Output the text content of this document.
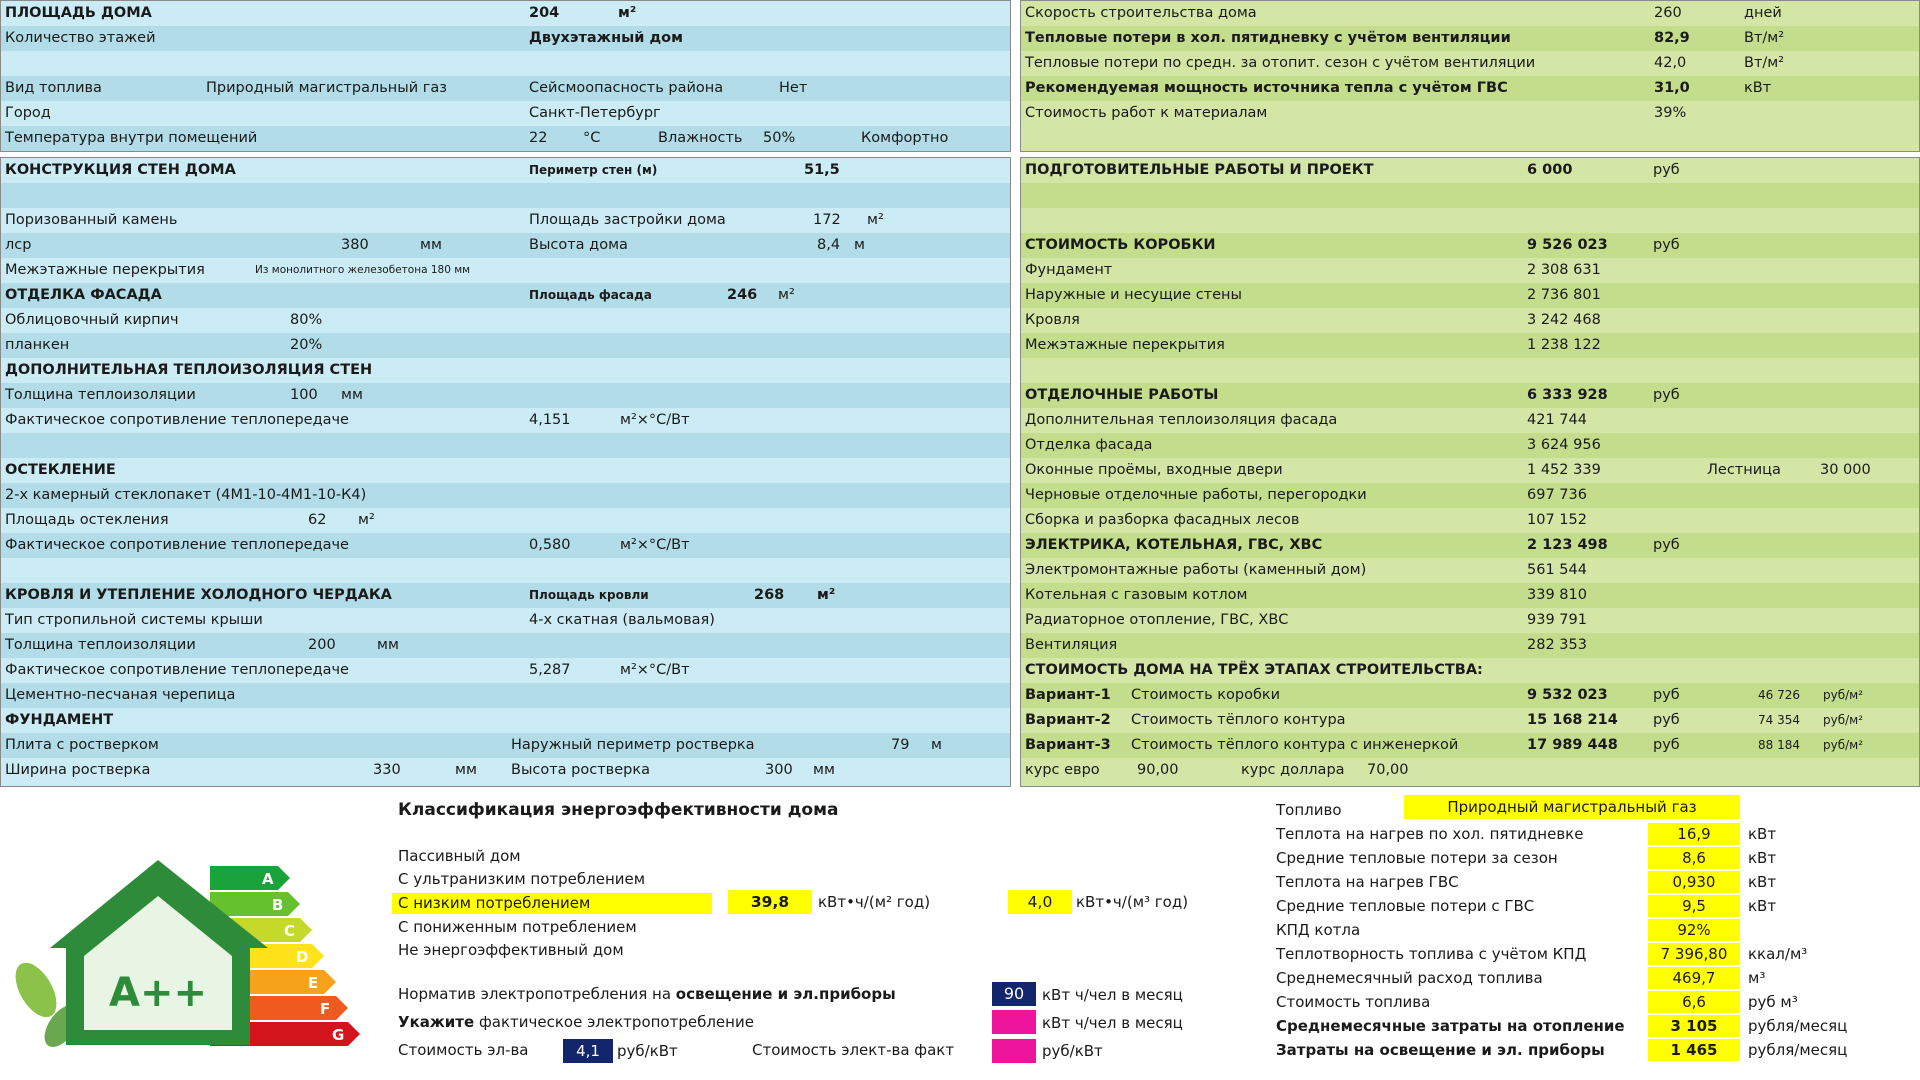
ПЛОЩАДЬ ДОМА	204	м²
Количество этажей	Двухэтажный дом
Вид топлива	Природный магистральный газ	Сейсмоопасность района	Нет
Город	Санкт-Петербург
Температура внутри помещений	22 °С	Влажность 50%	Комфортно
Скорость строительства дома	260	дней
Тепловые потери в хол. пятидневку с учётом вентиляции	82,9	Вт/м²
Тепловые потери по средн. за отопит. сезон с учётом вентиляции	42,0	Вт/м²
Рекомендуемая мощность источника тепла с учётом ГВС	31,0	кВт
Стоимость работ к материалам	39%
КОНСТРУКЦИЯ СТЕН ДОМА	Периметр стен (м)	51,5
Поризованный камень	Площадь застройки дома	172 м²
лср	380	мм	Высота дома	8,4 м
Межэтажные перекрытия	Из монолитного железобетона 180 мм
ОТДЕЛКА ФАСАДА	Площадь фасада	246 м²
Облицовочный кирпич	80%
планкен	20%
ДОПОЛНИТЕЛЬНАЯ ТЕПЛОИЗОЛЯЦИЯ СТЕН
Толщина теплоизоляции	100 мм
Фактическое сопротивление теплопередаче	4,151	м²×°С/Вт
ОСТЕКЛЕНИЕ
2-х камерный стеклопакет (4М1-10-4М1-10-К4)
Площадь остекления	62 м²
Фактическое сопротивление теплопередаче	0,580	м²×°С/Вт
КРОВЛЯ И УТЕПЛЕНИЕ ХОЛОДНОГО ЧЕРДАКА	Площадь кровли	268 м²
Тип стропильной системы крыши	4-х скатная (вальмовая)
Толщина теплоизоляции	200	мм
Фактическое сопротивление теплопередаче	5,287	м²×°С/Вт
Цементно-песчаная черепица
ФУНДАМЕНТ
Плита с ростверком	Наружный периметр ростверка	79 м
Ширина ростверка	330	мм Высота ростверка	300 мм
ПОДГОТОВИТЕЛЬНЫЕ РАБОТЫ И ПРОЕКТ	6 000	руб
СТОИМОСТЬ КОРОБКИ	9 526 023	руб
Фундамент	2 308 631
Наружные и несущие стены	2 736 801
Кровля	3 242 468
Межэтажные перекрытия	1 238 122
ОТДЕЛОЧНЫЕ РАБОТЫ	6 333 928	руб
Дополнительная теплоизоляция фасада	421 744
Отделка фасада	3 624 956
Оконные проёмы, входные двери	1 452 339	Лестница	30 000
Черновые отделочные работы, перегородки	697 736
Сборка и разборка фасадных лесов	107 152
ЭЛЕКТРИКА, КОТЕЛЬНАЯ, ГВС, ХВС	2 123 498	руб
Электромонтажные работы (каменный дом)	561 544
Котельная с газовым котлом	339 810
Радиаторное отопление, ГВС, ХВС	939 791
Вентиляция	282 353
СТОИМОСТЬ ДОМА НА ТРЁХ ЭТАПАХ СТРОИТЕЛЬСТВА:
Вариант-1 Стоимость коробки	9 532 023	руб	46 726 руб/м²
Вариант-2 Стоимость тёплого контура	15 168 214 руб	74 354 руб/м²
Вариант-3 Стоимость тёплого контура с инженеркой	17 989 448 руб	88 184 руб/м²
курс евро	90,00	курс доллара 70,00
A
B
C
D
E
F
G
A++
Классификация энергоэффективности дома
Пассивный дом
С ультранизким потреблением
С низким потреблением
С пониженным потреблением
Не энергоэффективный дом
39,8	кВт•ч/(м² год)	4,0	кВт•ч/(м³ год)
Норматив электропотребления на освещение и эл.приборы	90	кВт ч/чел в месяц
Укажите фактическое электропотребление	кВт ч/чел в месяц
Стоимость эл-ва	4,1	руб/кВт	Стоимость элект-ва факт	руб/кВт
Топливо	Природный магистральный газ
Теплота на нагрев по хол. пятидневке	16,9	кВт
Средние тепловые потери за сезон	8,6	кВт
Теплота на нагрев ГВС	0,930	кВт
Средние тепловые потери с ГВС	9,5	кВт
КПД котла	92%
Теплотворность топлива с учётом КПД	7 396,80	ккал/м³
Среднемесячный расход топлива	469,7	м³
Стоимость топлива	6,6	руб м³
Среднемесячные затраты на отопление	3 105	рубля/месяц
Затраты на освещение и эл. приборы	1 465	рубля/месяц
